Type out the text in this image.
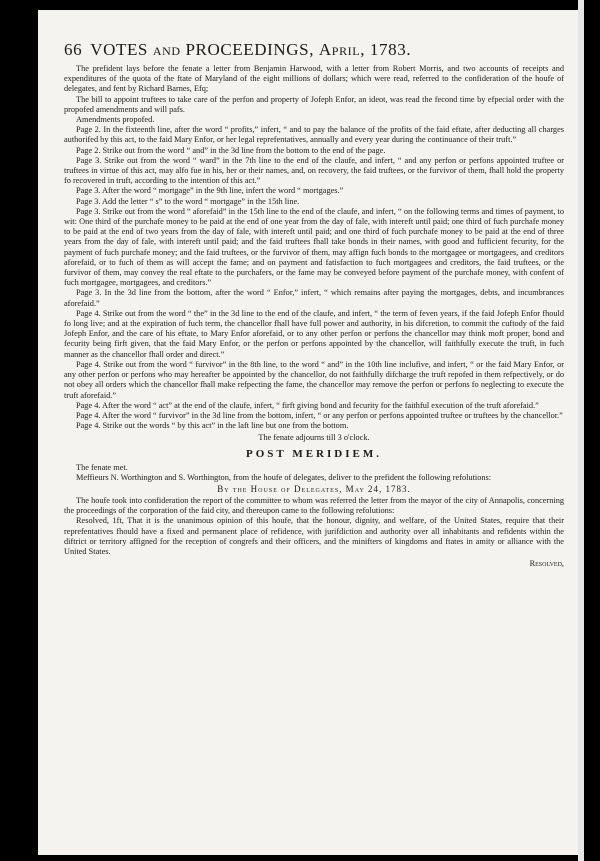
66 VOTES and PROCEEDINGS,
April,
1783.

The prefident lays before the fenate a letter from Benjamin Harwood, with a letter from Robert Morris, and two accounts of receipts and expenditures of the quota of the ftate of Maryland of the eight millions of dollars; which were read, referred to the confideration of the houfe of delegates, and fent by Richard Barnes, Efq;

The bill to appoint truftees to take care of the perfon and property of Jofeph Enfor, an ideot, was read the fecond time by efpecial order with the propofed amendments and will pafs.

Amendments propofed.

Page 2. In the fixteenth line, after the word “ profits,” infert, “ and to pay the balance of the profits of the faid eftate, after deducting all charges authorifed by this act, to the faid Mary Enfor, or her legal reprefentatives, annually and every year during the continuance of their truft.”

Page 2. Strike out from the word “ and” in the 3d line from the bottom to the end of the page.

Page 3. Strike out from the word “ ward” in the 7th line to the end of the claufe, and infert, “ and any perfon or perfons appointed truftee or truftees in virtue of this act, may alfo fue in his, her or their names, and, on recovery, the faid truftees, or the furvivor of them, fhall hold the property fo recovered in truft, according to the intention of this act.”

Page 3. After the word “ mortgage” in the 9th line, infert the word “ mortgages.”

Page 3. Add the letter “ s” to the word “ mortgage” in the 15th line.

Page 3. Strike out from the word “ aforefaid” in the 15th line to the end of the claufe, and infert, “ on the following terms and times of payment, to wit: One third of the purchafe money to be paid at the end of one year from the day of fale, with intereft until paid; one third of fuch purchafe money to be paid at the end of two years from the day of fale, with intereft until paid; and one third of fuch purchafe money to be paid at the end of three years from the day of fale, with intereft until paid; and the faid truftees fhall take bonds in their names, with good and fufficient fecurity, for the payment of fuch purchafe money; and the faid truftees, or the furvivor of them, may affign fuch bonds to the mortgagee or mortgagees, and creditors aforefaid, or to fuch of them as will accept the fame; and on payment and fatisfaction to fuch mortgagees and creditors, the faid truftees, or the furvivor of them, may convey the real eftate to the purchafers, or the fame may be conveyed before payment of the purchafe money, with confent of fuch mortgagee, mortgagees, and creditors.”

Page 3. In the 3d line from the bottom, after the word “ Enfor,” infert, “ which remains after paying the mortgages, debts, and incumbrances aforefaid.”

Page 4. Strike out from the word “ the” in the 3d line to the end of the claufe, and infert, “ the term of feven years, if the faid Jofeph Enfor fhould fo long live; and at the expiration of fuch term, the chancellor fhall have full power and authority, in his difcretion, to commit the cuftody of the faid Jofeph Enfor, and the care of his eftate, to Mary Enfor aforefaid, or to any other perfon or perfons the chancellor may think moft proper, bond and fecurity being firft given, that the faid Mary Enfor, or the perfon or perfons appointed by the chancellor, will faithfully execute the truft, in fuch manner as the chancellor fhall order and direct.”

Page 4. Strike out from the word “ furvivor” in the 8th line, to the word “ and” in the 10th line inclufive, and infert, “ or the faid Mary Enfor, or any other perfon or perfons who may hereafter be appointed by the chancellor, do not faithfully difcharge the truft repofed in them refpectively, or do not obey all orders which the chancellor fhall make refpecting the fame, the chancellor may remove the perfon or perfons fo neglecting to execute the truft aforefaid.”

Page 4. After the word “ act” at the end of the claufe, infert, “ firft giving bond and fecurity for the faithful execution of the truft aforefaid.”

Page 4. After the word “ furvivor” in the 3d line from the bottom, infert, “ or any perfon or perfons appointed truftee or truftees by the chancellor.”

Page 4. Strike out the words “ by this act” in the laft line but one from the bottom.

The fenate adjourns till 3 o'clock.

POST MERIDIEM.

The fenate met.

Meffieurs N. Worthington and S. Worthington, from the houfe of delegates, deliver to the prefident the following refolutions:

By the House of Delegates, May 24, 1783.

The houfe took into confideration the report of the committee to whom was referred the letter from the mayor of the city of Annapolis, concerning the proceedings of the corporation of the faid city, and thereupon came to the following refolutions:

Resolved, 1ft, That it is the unanimous opinion of this houfe, that the honour, dignity, and welfare, of the United States, require that their reprefentatives fhould have a fixed and permanent place of refidence, with jurifdiction and authority over all inhabitants and refidents within the diftrict or territory affigned for the reception of congrefs and their officers, and the minifters of kingdoms and ftates in amity or alliance with the United States.

Resolved,
